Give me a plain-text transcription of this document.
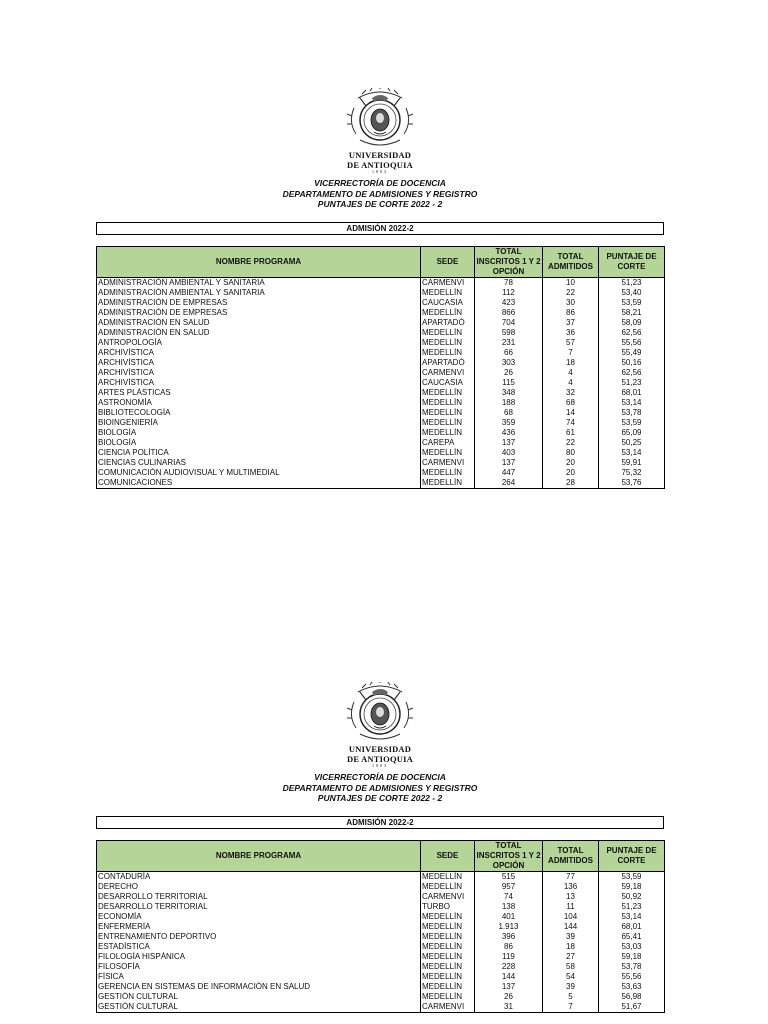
UNIVERSIDAD
DE ANTIOQUIA
1803
VICERRECTORÍA DE DOCENCIA
DEPARTAMENTO DE ADMISIONES Y REGISTRO
PUNTAJES DE CORTE 2022 - 2
ADMISIÓN 2022-2
NOMBRE PROGRAMA	SEDE	TOTAL INSCRITOS 1 Y 2 OPCIÓN	TOTAL ADMITIDOS	PUNTAJE DE CORTE
ADMINISTRACIÓN AMBIENTAL Y SANITARIA	CARMENVI	78	10	51,23
ADMINISTRACIÓN AMBIENTAL Y SANITARIA	MEDELLÍN	112	22	53,40
ADMINISTRACIÓN DE EMPRESAS	CAUCASIA	423	30	53,59
ADMINISTRACIÓN DE EMPRESAS	MEDELLÍN	866	86	58,21
ADMINISTRACIÓN EN SALUD	APARTADÓ	704	37	58,09
ADMINISTRACIÓN EN SALUD	MEDELLÍN	598	36	62,56
ANTROPOLOGÍA	MEDELLÍN	231	57	55,56
ARCHIVÍSTICA	MEDELLÍN	66	7	55,49
ARCHIVÍSTICA	APARTADÓ	303	18	50,16
ARCHIVÍSTICA	CARMENVI	26	4	62,56
ARCHIVÍSTICA	CAUCASIA	115	4	51,23
ARTES PLÁSTICAS	MEDELLÍN	348	32	68,01
ASTRONOMÍA	MEDELLÍN	188	68	53,14
BIBLIOTECOLOGÍA	MEDELLÍN	68	14	53,78
BIOINGENIERÍA	MEDELLÍN	359	74	53,59
BIOLOGÍA	MEDELLÍN	436	61	65,09
BIOLOGÍA	CAREPA	137	22	50,25
CIENCIA POLÍTICA	MEDELLÍN	403	80	53,14
CIENCIAS CULINARIAS	CARMENVI	137	20	59,91
COMUNICACIÓN AUDIOVISUAL Y MULTIMEDIAL	MEDELLÍN	447	20	75,32
COMUNICACIONES	MEDELLÍN	264	28	53,76
UNIVERSIDAD
DE ANTIOQUIA
1803
VICERRECTORÍA DE DOCENCIA
DEPARTAMENTO DE ADMISIONES Y REGISTRO
PUNTAJES DE CORTE 2022 - 2
ADMISIÓN 2022-2
NOMBRE PROGRAMA	SEDE	TOTAL INSCRITOS 1 Y 2 OPCIÓN	TOTAL ADMITIDOS	PUNTAJE DE CORTE
CONTADURÍA	MEDELLÍN	515	77	53,59
DERECHO	MEDELLÍN	957	136	59,18
DESARROLLO TERRITORIAL	CARMENVI	74	13	50,92
DESARROLLO TERRITORIAL	TURBO	138	11	51,23
ECONOMÍA	MEDELLÍN	401	104	53,14
ENFERMERÍA	MEDELLÍN	1.913	144	68,01
ENTRENAMIENTO DEPORTIVO	MEDELLÍN	396	39	65,41
ESTADÍSTICA	MEDELLÍN	86	18	53,03
FILOLOGÍA HISPÁNICA	MEDELLÍN	119	27	59,18
FILOSOFÍA	MEDELLÍN	228	58	53,78
FÍSICA	MEDELLÍN	144	54	55,56
GERENCIA EN SISTEMAS DE INFORMACIÓN EN SALUD	MEDELLÍN	137	39	53,63
GESTIÓN CULTURAL	MEDELLÍN	26	5	56,98
GESTIÓN CULTURAL	CARMENVI	31	7	51,67
